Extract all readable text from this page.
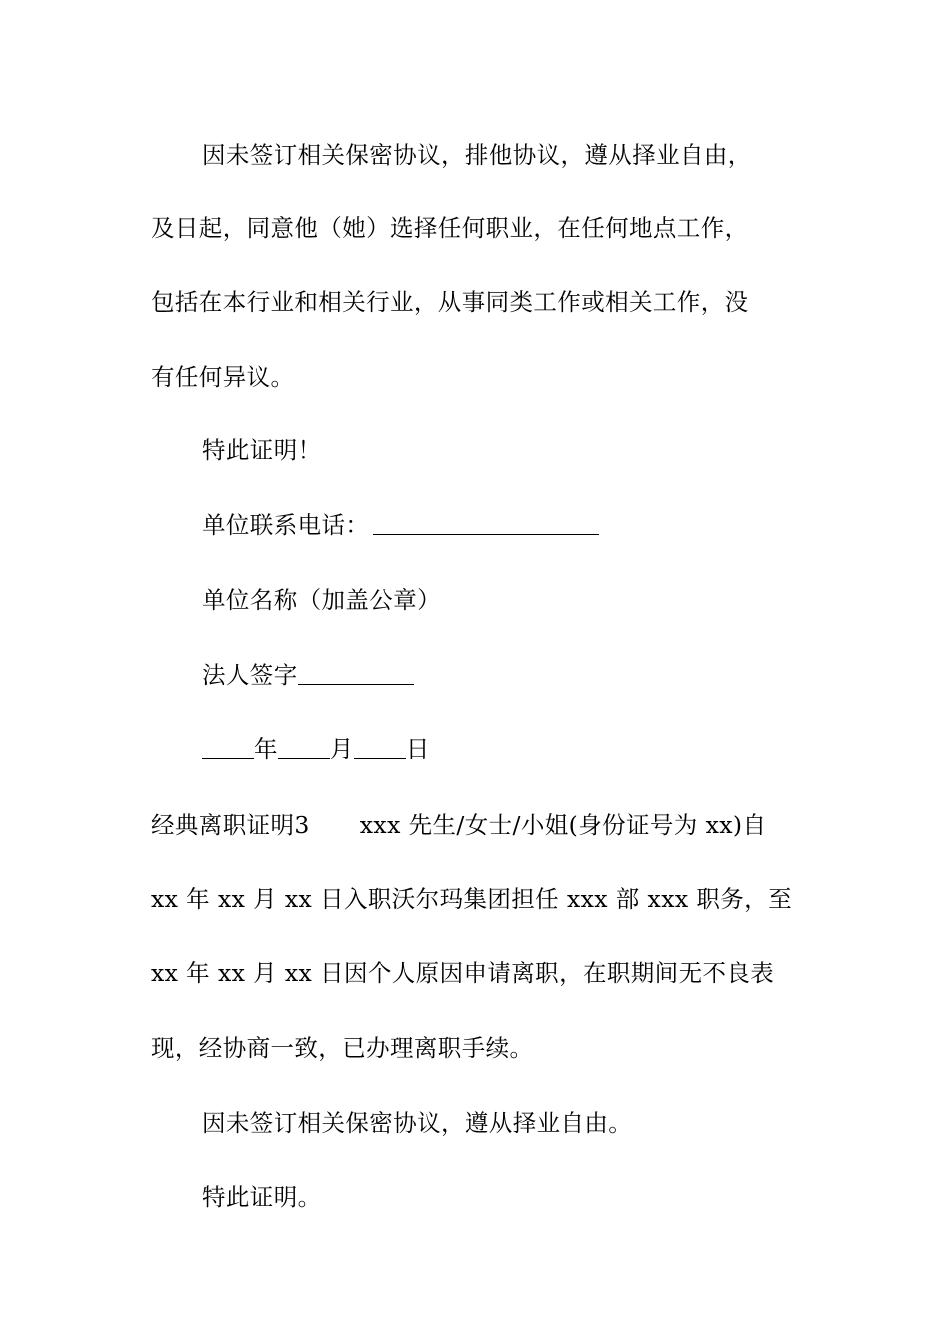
因未签订相关保密协议，排他协议，遵从择业自由，
及日起，同意他（她）选择任何职业，在任何地点工作，
包括在本行业和相关行业，从事同类工作或相关工作，没
有任何异议。
特此证明！
单位联系电话：
单位名称（加盖公章）
法人签字
年 月 日
经典离职证明3 xxx 先生/女士/小姐(身份证号为 xx)自
xx 年 xx 月 xx 日入职沃尔玛集团担任 xxx 部 xxx 职务，至
xx 年 xx 月 xx 日因个人原因申请离职，在职期间无不良表
现，经协商一致，已办理离职手续。
因未签订相关保密协议，遵从择业自由。
特此证明。
